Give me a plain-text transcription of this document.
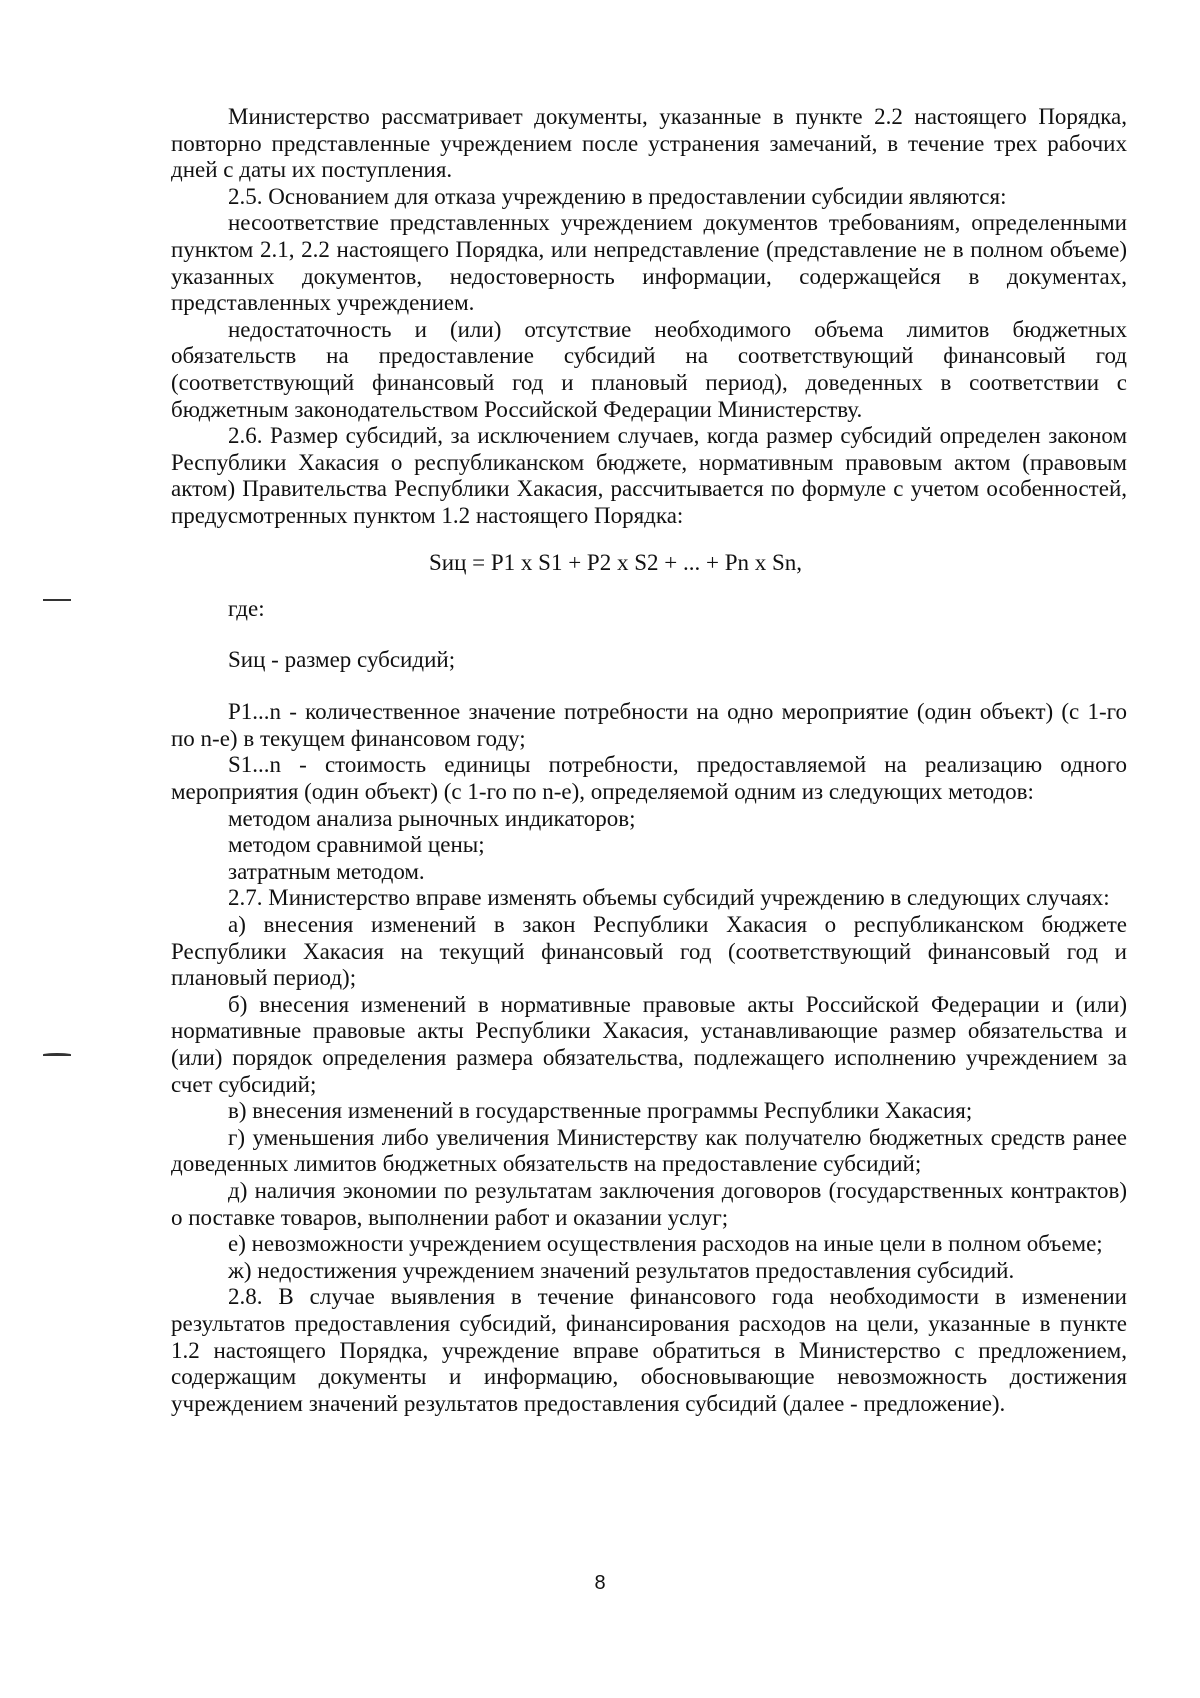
Министерство рассматривает документы, указанные в пункте 2.2 настоящего Порядка, повторно представленные учреждением после устранения замечаний, в течение трех рабочих дней с даты их поступления.

2.5. Основанием для отказа учреждению в предоставлении субсидии являются:

несоответствие представленных учреждением документов требованиям, определенными пунктом 2.1, 2.2 настоящего Порядка, или непредставление (представление не в полном объеме) указанных документов, недостоверность информации, содержащейся в документах, представленных учреждением.

недостаточность и (или) отсутствие необходимого объема лимитов бюджетных обязательств на предоставление субсидий на соответствующий финансовый год (соответствующий финансовый год и плановый период), доведенных в соответствии с бюджетным законодательством Российской Федерации Министерству.

2.6. Размер субсидий, за исключением случаев, когда размер субсидий определен законом Республики Хакасия о республиканском бюджете, нормативным правовым актом (правовым актом) Правительства Республики Хакасия, рассчитывается по формуле с учетом особенностей, предусмотренных пунктом 1.2 настоящего Порядка:

Sиц = P1 x S1 + P2 x S2 + ... + Pn x Sn,

где:

Sиц - размер субсидий;

P1...n - количественное значение потребности на одно мероприятие (один объект) (с 1-го по n-е) в текущем финансовом году;

S1...n - стоимость единицы потребности, предоставляемой на реализацию одного мероприятия (один объект) (с 1-го по n-е), определяемой одним из следующих методов:

методом анализа рыночных индикаторов;

методом сравнимой цены;

затратным методом.

2.7. Министерство вправе изменять объемы субсидий учреждению в следующих случаях:

а) внесения изменений в закон Республики Хакасия о республиканском бюджете Республики Хакасия на текущий финансовый год (соответствующий финансовый год и плановый период);

б) внесения изменений в нормативные правовые акты Российской Федерации и (или) нормативные правовые акты Республики Хакасия, устанавливающие размер обязательства и (или) порядок определения размера обязательства, подлежащего исполнению учреждением за счет субсидий;

в) внесения изменений в государственные программы Республики Хакасия;

г) уменьшения либо увеличения Министерству как получателю бюджетных средств ранее доведенных лимитов бюджетных обязательств на предоставление субсидий;

д) наличия экономии по результатам заключения договоров (государственных контрактов) о поставке товаров, выполнении работ и оказании услуг;

е) невозможности учреждением осуществления расходов на иные цели в полном объеме;

ж) недостижения учреждением значений результатов предоставления субсидий.

2.8. В случае выявления в течение финансового года необходимости в изменении результатов предоставления субсидий, финансирования расходов на цели, указанные в пункте 1.2 настоящего Порядка, учреждение вправе обратиться в Министерство с предложением, содержащим документы и информацию, обосновывающие невозможность достижения учреждением значений результатов предоставления субсидий (далее - предложение).

8
